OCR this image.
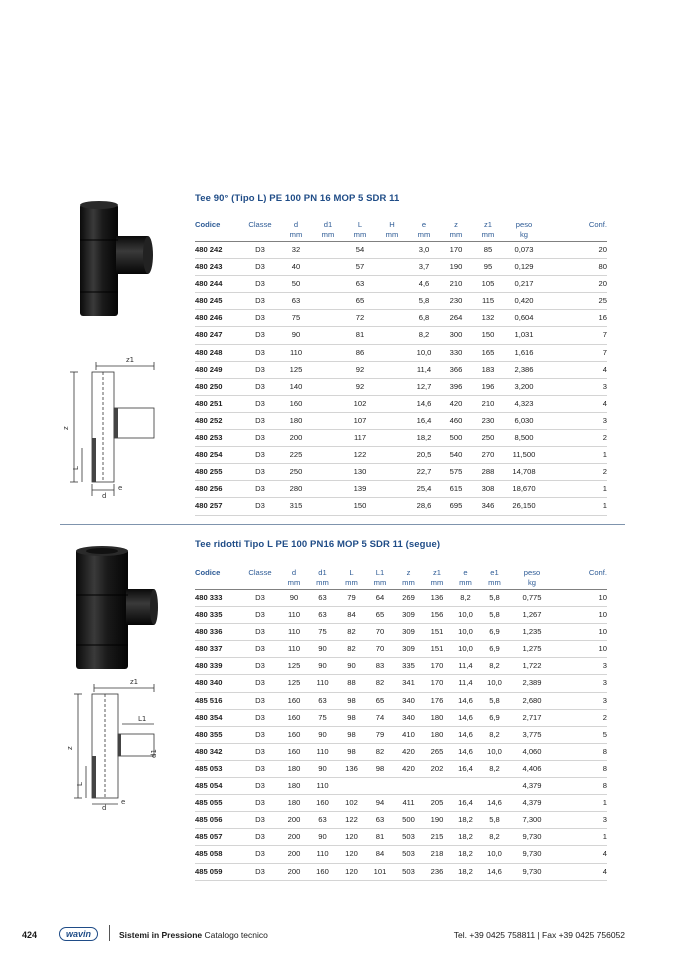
Tee 90° (Tipo L) PE 100 PN 16 MOP 5 SDR 11
z1
z
L
d
e
Codice	Classe	d	d1	L	H	e	z	z1	peso	Conf.
		mm	mm	mm	mm	mm	mm	mm	kg	
480 242	D3	32		54		3,0	170	85	0,073	20
480 243	D3	40		57		3,7	190	95	0,129	80
480 244	D3	50		63		4,6	210	105	0,217	20
480 245	D3	63		65		5,8	230	115	0,420	25
480 246	D3	75		72		6,8	264	132	0,604	16
480 247	D3	90		81		8,2	300	150	1,031	7
480 248	D3	110		86		10,0	330	165	1,616	7
480 249	D3	125		92		11,4	366	183	2,386	4
480 250	D3	140		92		12,7	396	196	3,200	3
480 251	D3	160		102		14,6	420	210	4,323	4
480 252	D3	180		107		16,4	460	230	6,030	3
480 253	D3	200		117		18,2	500	250	8,500	2
480 254	D3	225		122		20,5	540	270	11,500	1
480 255	D3	250		130		22,7	575	288	14,708	2
480 256	D3	280		139		25,4	615	308	18,670	1
480 257	D3	315		150		28,6	695	346	26,150	1
Tee ridotti Tipo L PE 100 PN16 MOP 5 SDR 11 (segue)
z1
L1
z
L
d1
d
e
Codice	Classe	d	d1	L	L1	z	z1	e	e1	peso	Conf.
		mm	mm	mm	mm	mm	mm	mm	mm	kg	
480 333	D3	90	63	79	64	269	136	8,2	5,8	0,775	10
480 335	D3	110	63	84	65	309	156	10,0	5,8	1,267	10
480 336	D3	110	75	82	70	309	151	10,0	6,9	1,235	10
480 337	D3	110	90	82	70	309	151	10,0	6,9	1,275	10
480 339	D3	125	90	90	83	335	170	11,4	8,2	1,722	3
480 340	D3	125	110	88	82	341	170	11,4	10,0	2,389	3
485 516	D3	160	63	98	65	340	176	14,6	5,8	2,680	3
480 354	D3	160	75	98	74	340	180	14,6	6,9	2,717	2
480 355	D3	160	90	98	79	410	180	14,6	8,2	3,775	5
480 342	D3	160	110	98	82	420	265	14,6	10,0	4,060	8
485 053	D3	180	90	136	98	420	202	16,4	8,2	4,406	8
485 054	D3	180	110							4,379	8
485 055	D3	180	160	102	94	411	205	16,4	14,6	4,379	1
485 056	D3	200	63	122	63	500	190	18,2	5,8	7,300	3
485 057	D3	200	90	120	81	503	215	18,2	8,2	9,730	1
485 058	D3	200	110	120	84	503	218	18,2	10,0	9,730	4
485 059	D3	200	160	120	101	503	236	18,2	14,6	9,730	4
424	wavin	Sistemi in Pressione Catalogo tecnico	Tel. +39 0425 758811 | Fax +39 0425 756052
